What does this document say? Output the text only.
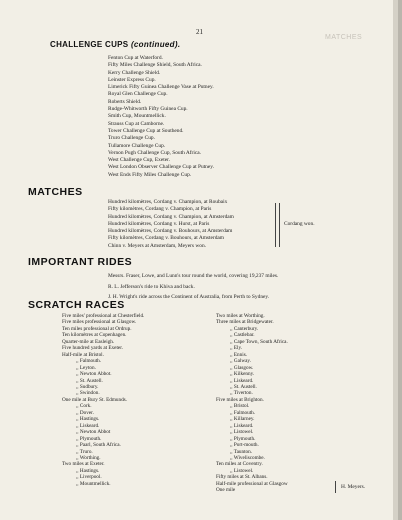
MATCHES
21
CHALLENGE CUPS (continued).
Fenton Cup at Waterford.
Fifty Miles Challenge Shield, South Africa.
Kerry Challenge Shield.
Leinster Express Cup.
Limerick Fifty Guinea Challenge Vase at Putney.
Royal Glen Challenge Cup.
Roberts Shield.
Rudge-Whitworth Fifty Guinea Cup.
Smith Cup, Mountmellick.
Strauss Cup at Camborne.
Tower Challenge Cup at Southend.
Truro Challenge Cup.
Tullamore Challenge Cup.
Vernon Pugh Challenge Cup, South Africa.
West Challenge Cup, Exeter.
West London Observer Challenge Cup at Putney.
West Ends Fifty Miles Challenge Cup.
MATCHES
Hundred kilomètres, Cordang v. Champion, at Roubaix
Fifty kilomètres, Cordang v. Champion, at Paris
Hundred kilomètres, Cordang v. Champion, at Amsterdam
Hundred kilomètres, Cordang v. Hurst, at Paris
Hundred kilomètres, Cordang v. Bouhours, at Amsterdam
Fifty kilomètres, Cordang v. Bouhours, at Amsterdam
Chinn v. Meyers at Amsterdam, Meyers won.
Cordang won.
IMPORTANT RIDES
Messrs. Fraser, Lowe, and Lunn's tour round the world, covering 19,237 miles.
R. L. Jefferson's ride to Khiva and back.
J. H. Wright's ride across the Continent of Australia, from Perth to Sydney.
SCRATCH RACES
Five miles' professional at Chesterfield.
Five miles professional at Glasgow.
Ten miles professional at Ordrup.
Ten kilomètres at Copenhagen.
Quarter-mile at Easleigh.
Five hundred yards at Exeter.
Half-mile at Bristol.
,, Falmouth.
,, Leyton.
,, Newton Abbot.
,, St. Austell.
,, Sudbury.
,, Swindon.
One mile at Bury St. Edmunds.
,, Cork.
,, Dover.
,, Hastings.
,, Liskeard.
,, Newton Abbot
,, Plymouth.
,, Paarl, South Africa.
,, Truro.
,, Worthing.
Two miles at Exeter.
,, Hastings.
,, Liverpool.
,, Mountmellick.
Two miles at Worthing.
Three miles at Bridgewater.
,, Canterbury.
,, Castlebar.
,, Cape Town, South Africa.
,, Ely.
,, Ennis.
,, Galway.
,, Glasgow.
,, Kilkenny.
,, Liskeard.
,, St. Austell.
,, Tiverton.
Five miles at Brighton.
,, Bristol.
,, Falmouth.
,, Killarney.
,, Liskeard.
,, Listowel.
,, Plymouth.
,, Port-mouth.
,, Taunton.
,, Wiveliscombe.
Ten miles at Coventry.
,, Listowel.
Fifty miles at St. Albans.
Half-mile professional at Glasgow
One mile
H. Meyers.
